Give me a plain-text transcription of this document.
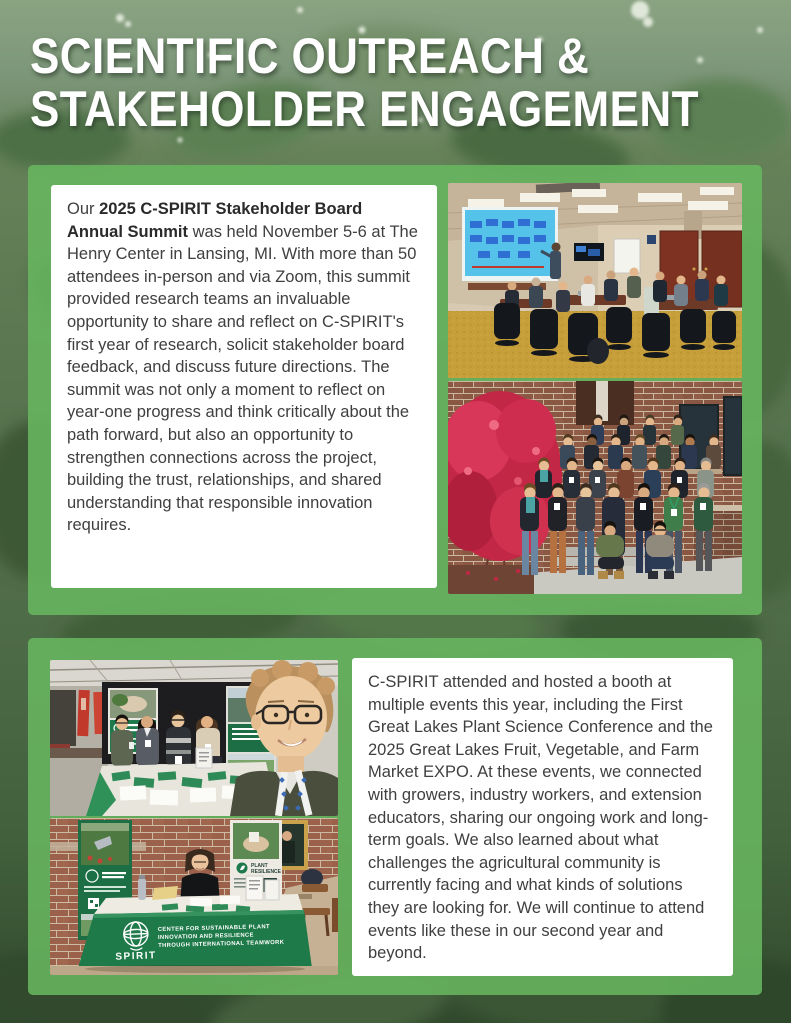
SCIENTIFIC OUTREACH &
STAKEHOLDER ENGAGEMENT

Our 2025 C-SPIRIT Stakeholder Board Annual Summit was held November 5-6 at The Henry Center in Lansing, MI. With more than 50 attendees in-person and via Zoom, this summit provided research teams an invaluable opportunity to share and reflect on C-SPIRIT's first year of research, solicit stakeholder board feedback, and discuss future directions. The summit was not only a moment to reflect on year-one progress and think critically about the path forward, but also an opportunity to strengthen connections across the project, building the trust, relationships, and shared understanding that responsible innovation requires.

PLANT
RESILIENCE
SPIRIT
CENTER FOR SUSTAINABLE PLANT
INNOVATION AND RESILIENCE
THROUGH INTERNATIONAL TEAMWORK

C-SPIRIT attended and hosted a booth at multiple events this year, including the First Great Lakes Plant Science Conference and the 2025 Great Lakes Fruit, Vegetable, and Farm Market EXPO. At these events, we connected with growers, industry workers, and extension educators, sharing our ongoing work and long-term goals. We also learned about what challenges the agricultural community is currently facing and what kinds of solutions they are looking for. We will continue to attend events like these in our second year and beyond.
